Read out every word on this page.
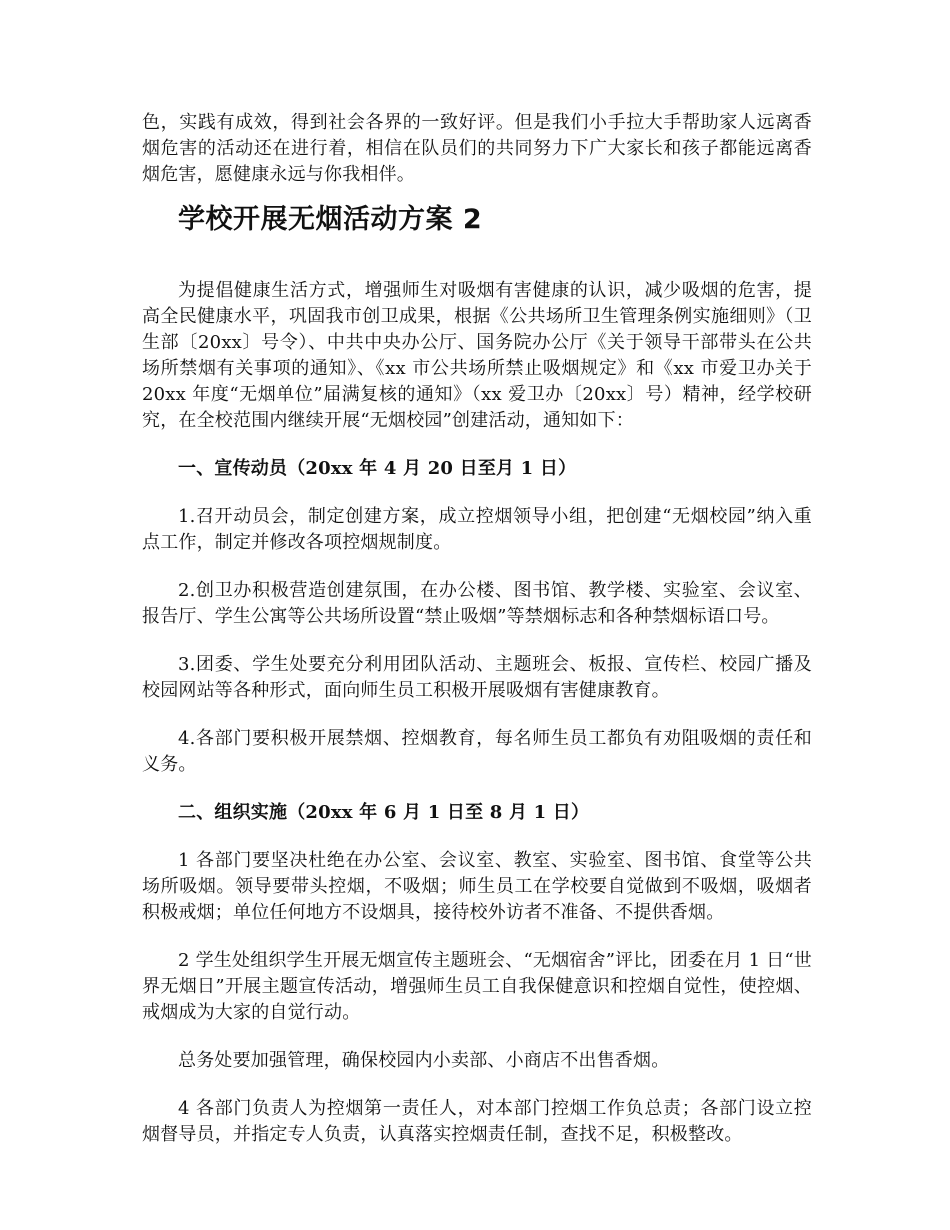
色，实践有成效，得到社会各界的一致好评。但是我们小手拉大手帮助家人远离香烟危害的活动还在进行着，相信在队员们的共同努力下广大家长和孩子都能远离香烟危害，愿健康永远与你我相伴。

学校开展无烟活动方案 2

为提倡健康生活方式，增强师生对吸烟有害健康的认识，减少吸烟的危害，提高全民健康水平，巩固我市创卫成果，根据《公共场所卫生管理条例实施细则》（卫生部〔20xx〕号令）、中共中央办公厅、国务院办公厅《关于领导干部带头在公共场所禁烟有关事项的通知》、《xx 市公共场所禁止吸烟规定》和《xx 市爱卫办关于 20xx 年度“无烟单位”届满复核的通知》（xx 爱卫办〔20xx〕号）精神，经学校研究，在全校范围内继续开展“无烟校园”创建活动，通知如下：

一、宣传动员（20xx 年 4 月 20 日至月 1 日）

1.召开动员会，制定创建方案，成立控烟领导小组，把创建“无烟校园”纳入重点工作，制定并修改各项控烟规制度。

2.创卫办积极营造创建氛围，在办公楼、图书馆、教学楼、实验室、会议室、报告厅、学生公寓等公共场所设置“禁止吸烟”等禁烟标志和各种禁烟标语口号。

3.团委、学生处要充分利用团队活动、主题班会、板报、宣传栏、校园广播及校园网站等各种形式，面向师生员工积极开展吸烟有害健康教育。

4.各部门要积极开展禁烟、控烟教育，每名师生员工都负有劝阻吸烟的责任和义务。

二、组织实施（20xx 年 6 月 1 日至 8 月 1 日）

1 各部门要坚决杜绝在办公室、会议室、教室、实验室、图书馆、食堂等公共场所吸烟。领导要带头控烟，不吸烟；师生员工在学校要自觉做到不吸烟，吸烟者积极戒烟；单位任何地方不设烟具，接待校外访者不准备、不提供香烟。

2 学生处组织学生开展无烟宣传主题班会、“无烟宿舍”评比，团委在月 1 日“世界无烟日”开展主题宣传活动，增强师生员工自我保健意识和控烟自觉性，使控烟、戒烟成为大家的自觉行动。

总务处要加强管理，确保校园内小卖部、小商店不出售香烟。

4 各部门负责人为控烟第一责任人，对本部门控烟工作负总责；各部门设立控烟督导员，并指定专人负责，认真落实控烟责任制，查找不足，积极整改。
